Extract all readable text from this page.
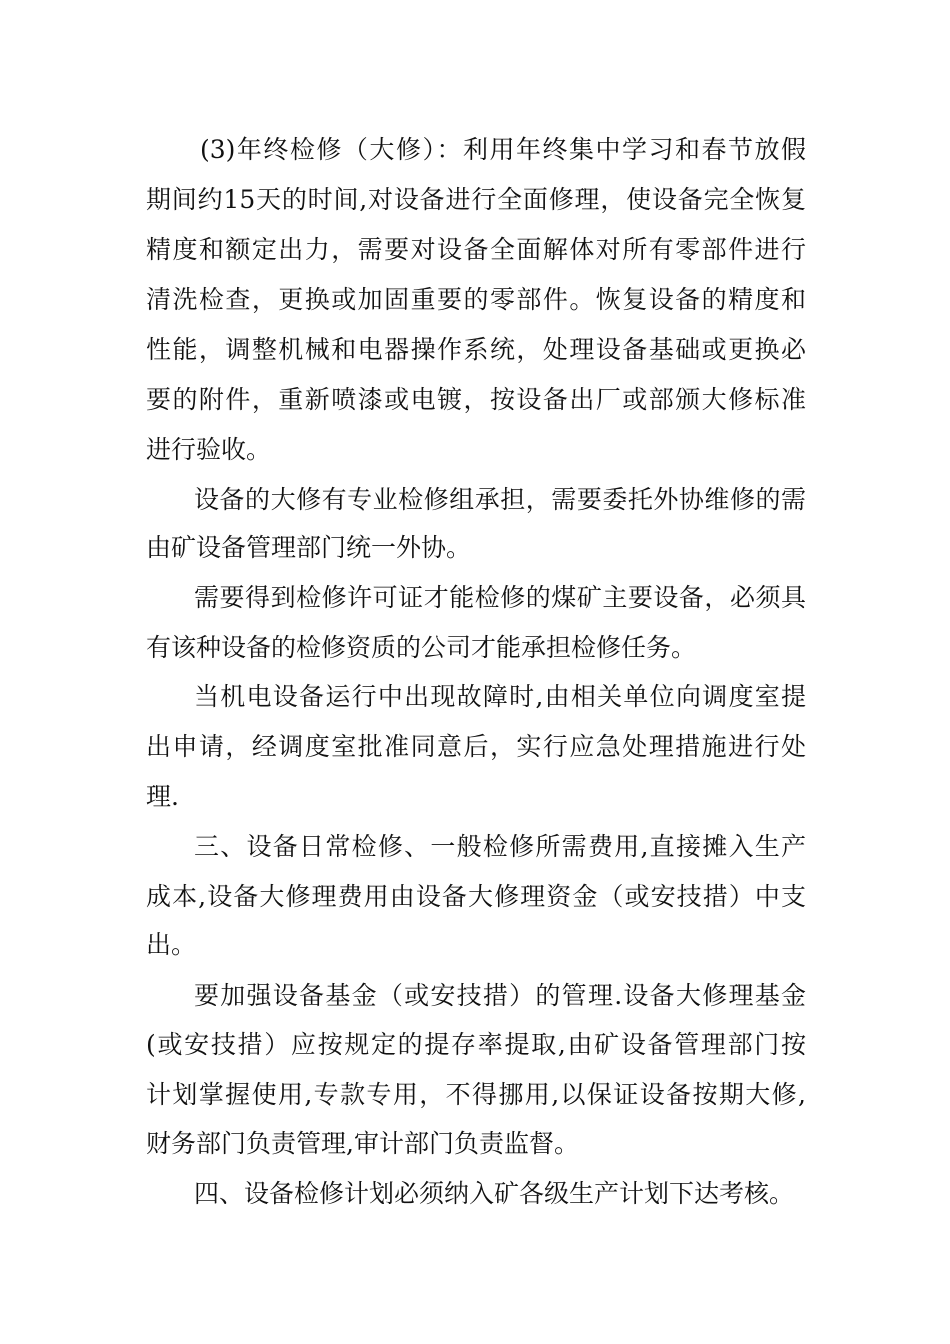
(3)年终检修（大修）：利用年终集中学习和春节放假
期间约15天的时间,对设备进行全面修理，使设备完全恢复
精度和额定出力，需要对设备全面解体对所有零部件进行
清洗检查，更换或加固重要的零部件。恢复设备的精度和
性能，调整机械和电器操作系统，处理设备基础或更换必
要的附件，重新喷漆或电镀，按设备出厂或部颁大修标准
进行验收。
设备的大修有专业检修组承担，需要委托外协维修的需
由矿设备管理部门统一外协。
需要得到检修许可证才能检修的煤矿主要设备，必须具
有该种设备的检修资质的公司才能承担检修任务。
当机电设备运行中出现故障时,由相关单位向调度室提
出申请，经调度室批准同意后，实行应急处理措施进行处
理.
三、设备日常检修、一般检修所需费用,直接摊入生产
成本,设备大修理费用由设备大修理资金（或安技措）中支
出。
要加强设备基金（或安技措）的管理.设备大修理基金
(或安技措）应按规定的提存率提取,由矿设备管理部门按
计划掌握使用,专款专用，不得挪用,以保证设备按期大修,
财务部门负责管理,审计部门负责监督。
四、设备检修计划必须纳入矿各级生产计划下达考核。
